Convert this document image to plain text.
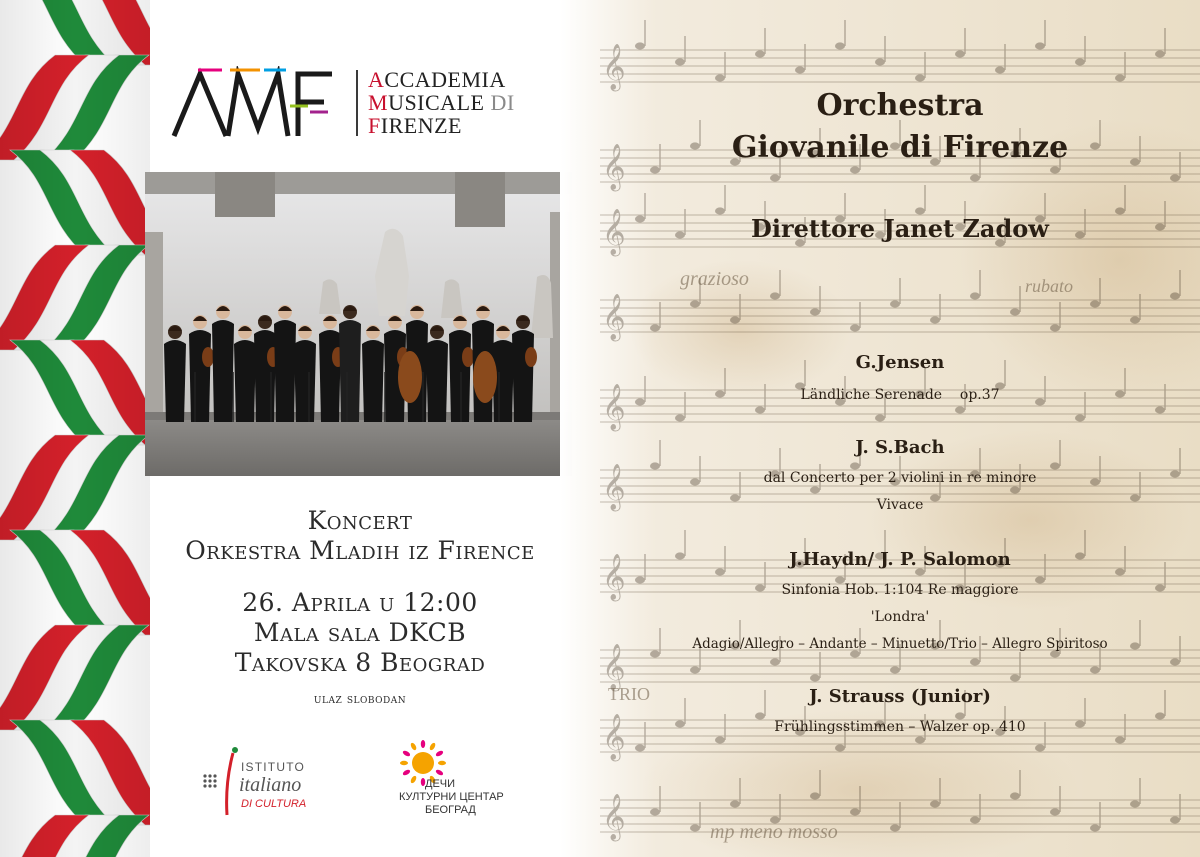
ACCADEMIA
MUSICALE DI
FIRENZE
Koncert
Orkestra Mladih iz Firence
26. Aprila u 12:00
Mala sala DKCB
Takovska 8 Beograd
ulaz slobodan
ISTITUTO
italiano
DI CULTURA
ДЕЧИ
КУЛТУРНИ ЦЕНТАР
БЕОГРАД
𝄞
𝄞
𝄞
𝄞
𝄞
𝄞
𝄞
𝄞
𝄞
𝄞
grazioso	rubato
TRIO
mp meno mosso
Orchestra
Giovanile di Firenze
Direttore Janet Zadow
G.Jensen
Ländliche Serenade    op.37
J. S.Bach
dal Concerto per 2 violini in re minore
Vivace
J.Haydn/ J. P. Salomon
Sinfonia Hob. 1:104 Re maggiore
'Londra'
Adagio/Allegro – Andante – Minuetto/Trio – Allegro Spiritoso
J. Strauss (Junior)
Frühlingsstimmen – Walzer op. 410
